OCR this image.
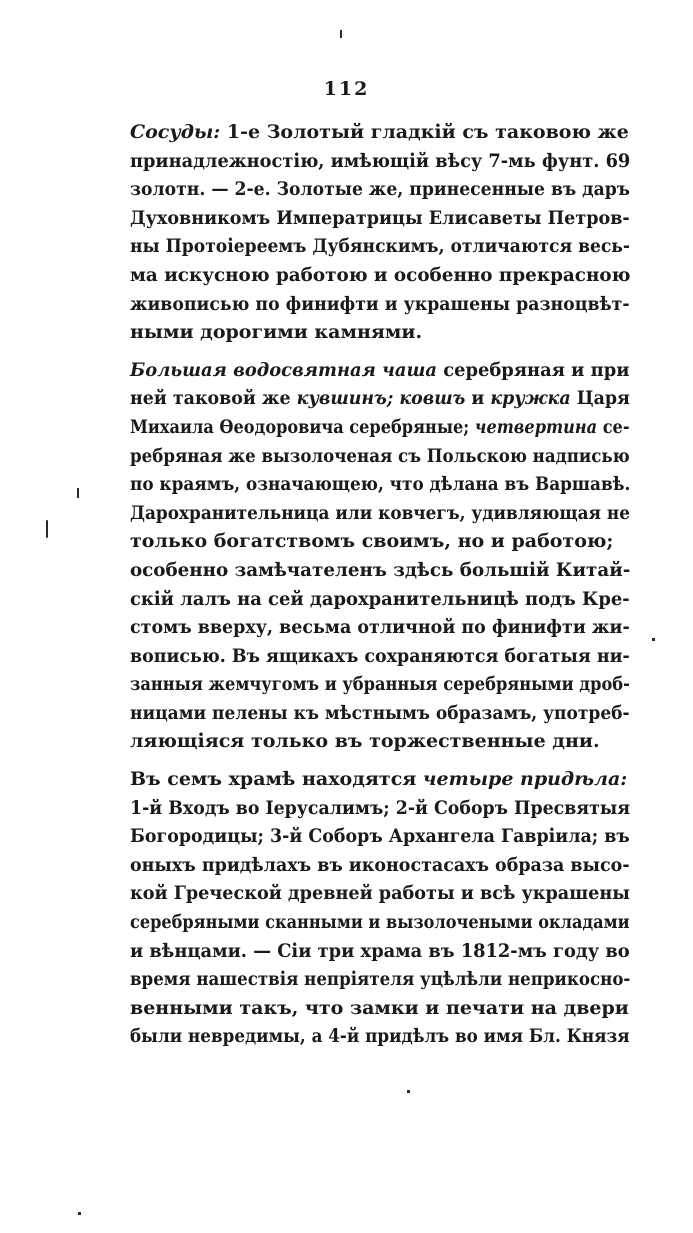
112
Сосуды: 1-е Золотый гладкій съ таковою же
принадлежностію, имѣющій вѣсу 7-мь фунт. 69
золотн. — 2-е. Золотые же, принесенные въ даръ
Духовникомъ Императрицы Елисаветы Петров-
ны Протоіереемъ Дубянскимъ, отличаются весь-
ма искусною работою и особенно прекрасною
живописью по финифти и украшены разноцвѣт-
ными дорогими камнями.
Большая водосвятная чаша серебряная и при
ней таковой же кувшинъ; ковшъ и кружка Царя
Михаила Өеодоровича серебряные; четвертина се-
ребряная же вызолоченая съ Польскою надписью
по краямъ, означающею, что дѣлана въ Варшавѣ.
Дарохранительница или ковчегъ, удивляющая не
только богатствомъ своимъ, но и работою;
особенно замѣчателенъ здѣсь большій Китай-
скій лалъ на сей дарохранительницѣ подъ Кре-
стомъ вверху, весьма отличной по финифти жи-
вописью. Въ ящикахъ сохраняются богатыя ни-
занныя жемчугомъ и убранныя серебряными дроб-
ницами пелены къ мѣстнымъ образамъ, употреб-
ляющіяся только въ торжественные дни.
Въ семъ храмѣ находятся четыре придѣла:
1-й Входъ во Іерусалимъ; 2-й Соборъ Пресвятыя
Богородицы; 3-й Соборъ Архангела Гавріила; въ
оныхъ придѣлахъ въ иконостасахъ образа высо-
кой Греческой древней работы и всѣ украшены
серебряными сканными и вызолочеными окладами
и вѣнцами. — Сіи три храма въ 1812-мъ году во
время нашествія непріятеля уцѣлѣли неприкосно-
венными такъ, что замки и печати на двери
были невредимы, а 4-й придѣлъ во имя Бл. Князя
